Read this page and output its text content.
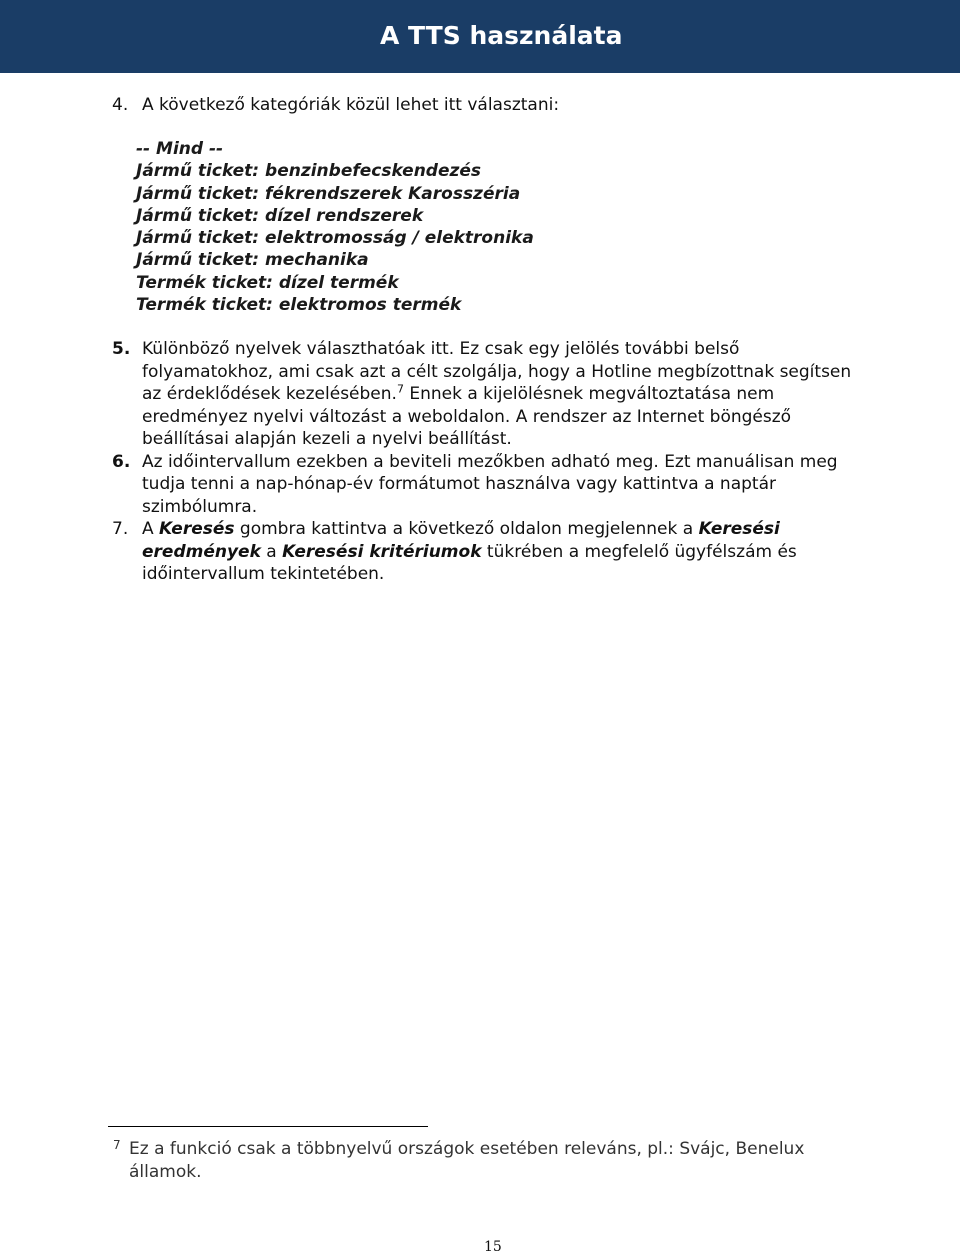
A TTS használata
4. A következő kategóriák közül lehet itt választani:
-- Mind --
Jármű ticket: benzinbefecskendezés
Jármű ticket: fékrendszerek Karosszéria
Jármű ticket: dízel rendszerek
Jármű ticket: elektromosság / elektronika
Jármű ticket: mechanika
Termék ticket: dízel termék
Termék ticket: elektromos termék
5. Különböző nyelvek választhatóak itt. Ez csak egy jelölés további belső folyamatokhoz, ami csak azt a célt szolgálja, hogy a Hotline megbízottnak segítsen az érdeklődések kezelésében.$^7$ Ennek a kijelölésnek megváltoztatása nem eredményez nyelvi változást a weboldalon. A rendszer az Internet böngésző beállításai alapján kezeli a nyelvi beállítást.

6. Az időintervallum ezekben a beviteli mezőkben adható meg. Ezt manuálisan meg tudja tenni a nap-hónap-év formátumot használva vagy kattintva a naptár szimbólumra.

7. A Keresés gombra kattintva a következő oldalon megjelennek a Keresési eredmények a Keresési kritériumok tükrében a megfelelő ügyfélszám és időintervallum tekintetében.

7 Ez a funkció csak a többnyelvű országok esetében releváns, pl.: Svájc, Benelux államok.
15
